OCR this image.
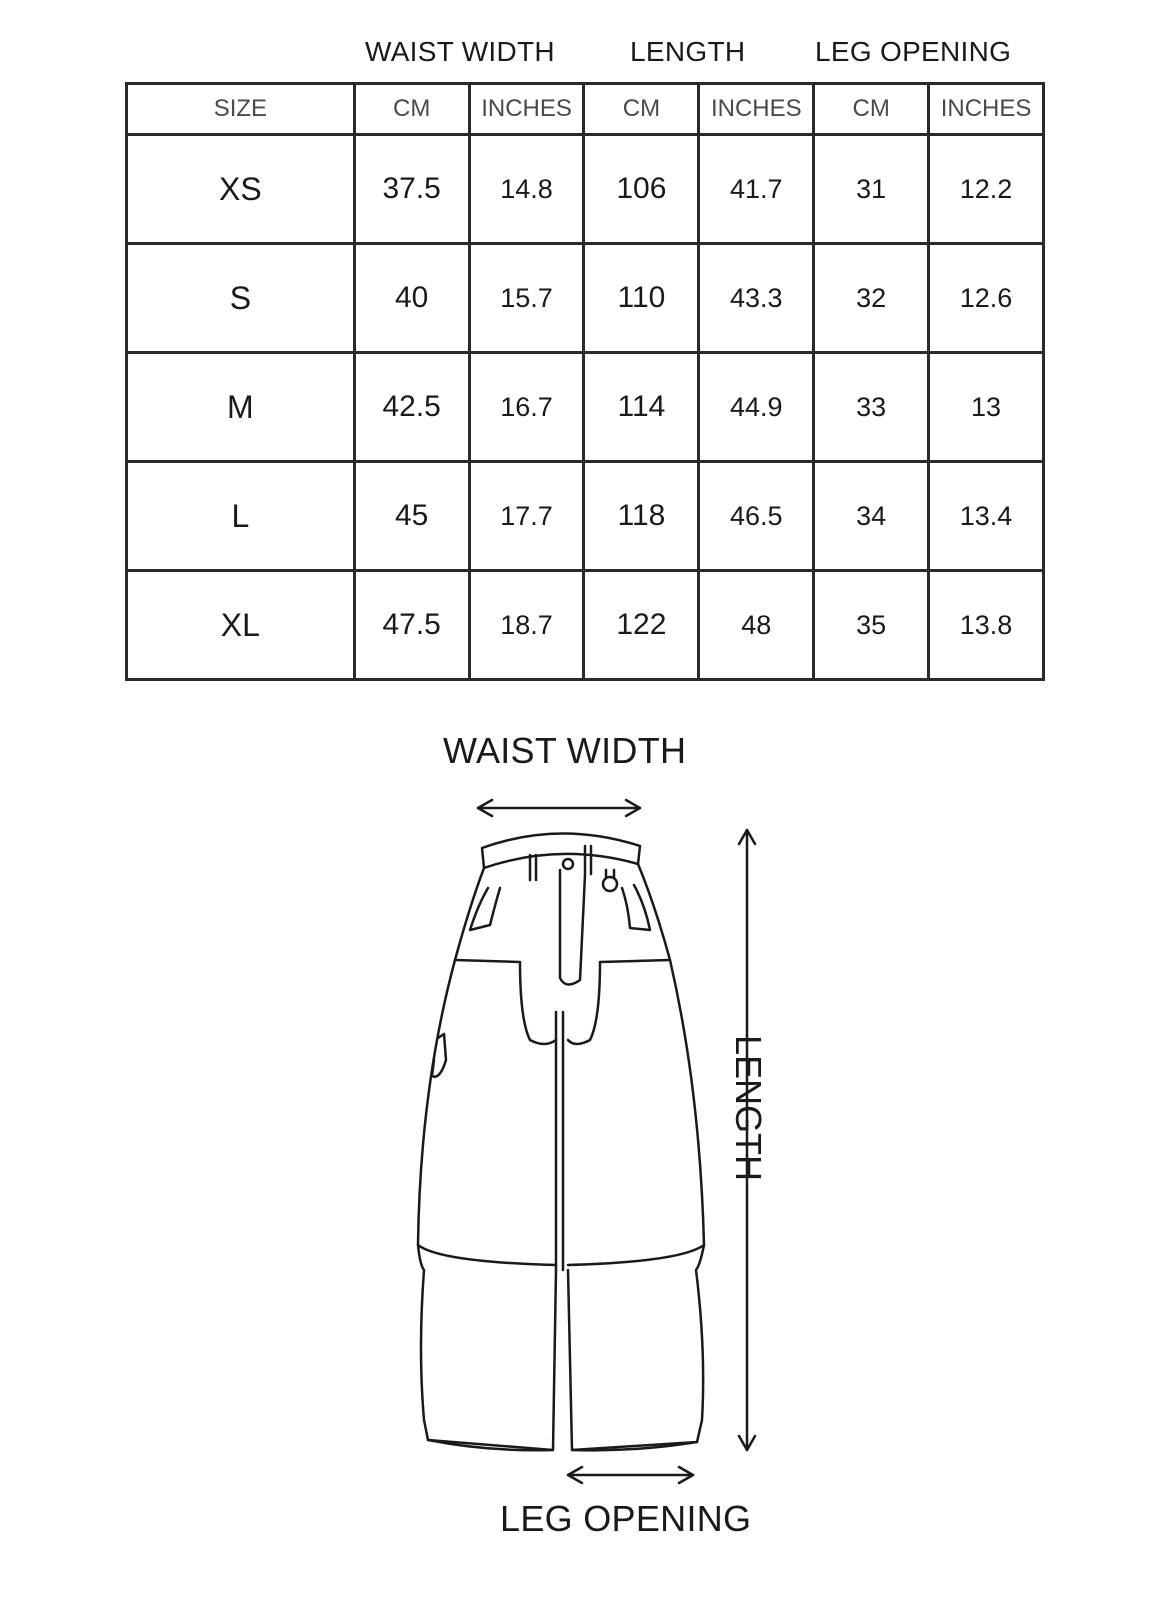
WAIST WIDTH	LENGTH LEG OPENING
SIZE	CM	INCHES	CM	INCHES	CM	INCHES
XS	37.5	14.8	106	41.7	31	12.2
S	40	15.7	110	43.3	32	12.6
M	42.5	16.7	114	44.9	33	13
L	45	17.7	118	46.5	34	13.4
XL	47.5	18.7	122	48	35	13.8
WAIST WIDTH
LENGTH
LEG OPENING
